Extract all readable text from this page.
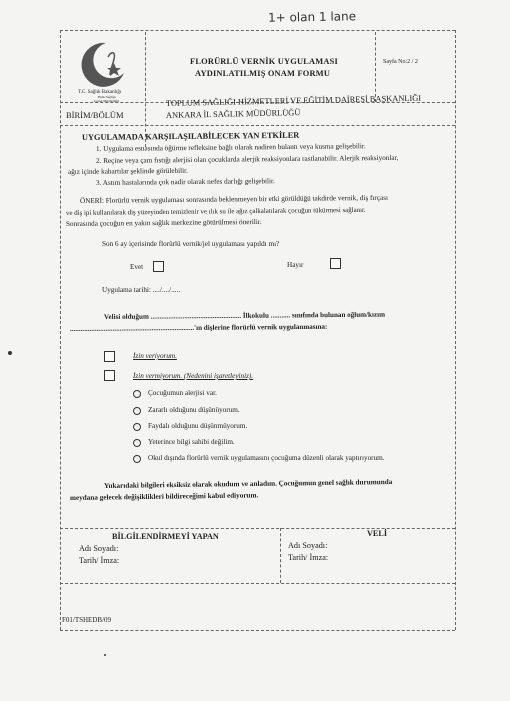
1+ olan 1 lane
T.C. Sağlık Bakanlığı
Halk Sağlığı
Genel Müdürlüğü
FLORÜRLÜ VERNİK UYGULAMASI
AYDINLATILMIŞ ONAM FORMU
Sayfa No:2 / 2
BİRİM/BÖLÜM
TOPLUM SAĞLIĞI HİZMETLERİ VE EĞİTİM DAİRESİ BAŞKANLIĞI
ANKARA İL SAĞLIK MÜDÜRLÜĞÜ
UYGULAMADA KARŞILAŞILABİLECEK YAN ETKİLER
1. Uygulama esnasında öğürme refleksine bağlı olarak nadiren bulantı veya kusma gelişebilir.
2. Reçine veya çam fıstığı alerjisi olan çocuklarda alerjik reaksiyonlara rastlanabilir. Alerjik reaksiyonlar,
ağız içinde kabartılar şeklinde görülebilir.
3. Astım hastalarında çok nadir olarak nefes darlığı gelişebilir.
ÖNERİ: Florürlü vernik uygulaması sonrasında beklenmeyen bir etki görüldüğü takdirde vernik, diş fırçası
ve diş ipi kullanılarak diş yüzeyinden temizlenir ve ılık su ile ağız çalkalatılarak çocuğun tükürmesi sağlanır.
Sonrasında çocuğun en yakın sağlık merkezine götürülmesi önerilir.
Son 6 ay içerisinde florürlü vernik/jel uygulaması yapıldı mı?
Evet	Hayır
Uygulama tarihi: ..../..../.....
Velisi olduğum ................................................... İlkokulu ........... sınıfında bulunan oğlum/kızım
......................................................................'ın dişlerine florürlü vernik uygulanmasına:
İzin veriyorum.
İzin vermiyorum. (Nedenini işaretleyiniz).
Çocuğumun alerjisi var.
Zararlı olduğunu düşünüyorum.
Faydalı olduğunu düşünmüyorum.
Yeterince bilgi sahibi değilim.
Okul dışında florürlü vernik uygulamasını çocuğuma düzenli olarak yaptırıyorum.
Yukarıdaki bilgileri eksiksiz olarak okudum ve anladım. Çocuğumun genel sağlık durumunda
meydana gelecek değişiklikleri bildireceğimi kabul ediyorum.
BİLGİLENDİRMEYİ YAPAN
Adı Soyadı:
Tarih/ İmza:
VELİ
Adı Soyadı:
Tarih/ İmza:
F01/TSHEDB/09
